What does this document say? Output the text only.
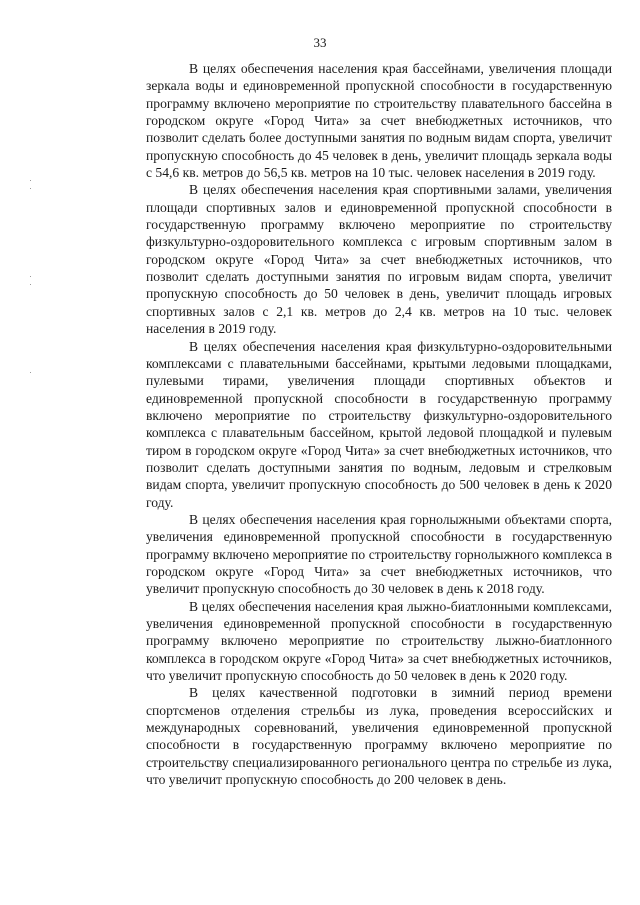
33

В целях обеспечения населения края бассейнами, увеличения площади зеркала воды и единовременной пропускной способности в государственную программу включено мероприятие по строительству плавательного бассейна в городском округе «Город Чита» за счет внебюджетных источников, что позволит сделать более доступными занятия по водным видам спорта, увеличит пропускную способность до 45 человек в день, увеличит площадь зеркала воды с 54,6 кв. метров до 56,5 кв. метров на 10 тыс. человек населения в 2019 году.

В целях обеспечения населения края спортивными залами, увеличения площади спортивных залов и единовременной пропускной способности в государственную программу включено мероприятие по строительству физкультурно-оздоровительного комплекса с игровым спортивным залом в городском округе «Город Чита» за счет внебюджетных источников, что позволит сделать доступными занятия по игровым видам спорта, увеличит пропускную способность до 50 человек в день, увеличит площадь игровых спортивных залов с 2,1 кв. метров до 2,4 кв. метров на 10 тыс. человек населения в 2019 году.

В целях обеспечения населения края физкультурно-оздоровительными комплексами с плавательными бассейнами, крытыми ледовыми площадками, пулевыми тирами, увеличения площади спортивных объектов и единовременной пропускной способности в государственную программу включено мероприятие по строительству физкультурно-оздоровительного комплекса с плавательным бассейном, крытой ледовой площадкой и пулевым тиром в городском округе «Город Чита» за счет внебюджетных источников, что позволит сделать доступными занятия по водным, ледовым и стрелковым видам спорта, увеличит пропускную способность до 500 человек в день к 2020 году.

В целях обеспечения населения края горнолыжными объектами спорта, увеличения единовременной пропускной способности в государственную программу включено мероприятие по строительству горнолыжного комплекса в городском округе «Город Чита» за счет внебюджетных источников, что увеличит пропускную способность до 30 человек в день к 2018 году.

В целях обеспечения населения края лыжно-биатлонными комплексами, увеличения единовременной пропускной способности в государственную программу включено мероприятие по строительству лыжно-биатлонного комплекса в городском округе «Город Чита» за счет внебюджетных источников, что увеличит пропускную способность до 50 человек в день к 2020 году.

В целях качественной подготовки в зимний период времени спортсменов отделения стрельбы из лука, проведения всероссийских и международных соревнований, увеличения единовременной пропускной способности в государственную программу включено мероприятие по строительству специализированного регионального центра по стрельбе из лука, что увеличит пропускную способность до 200 человек в день.
